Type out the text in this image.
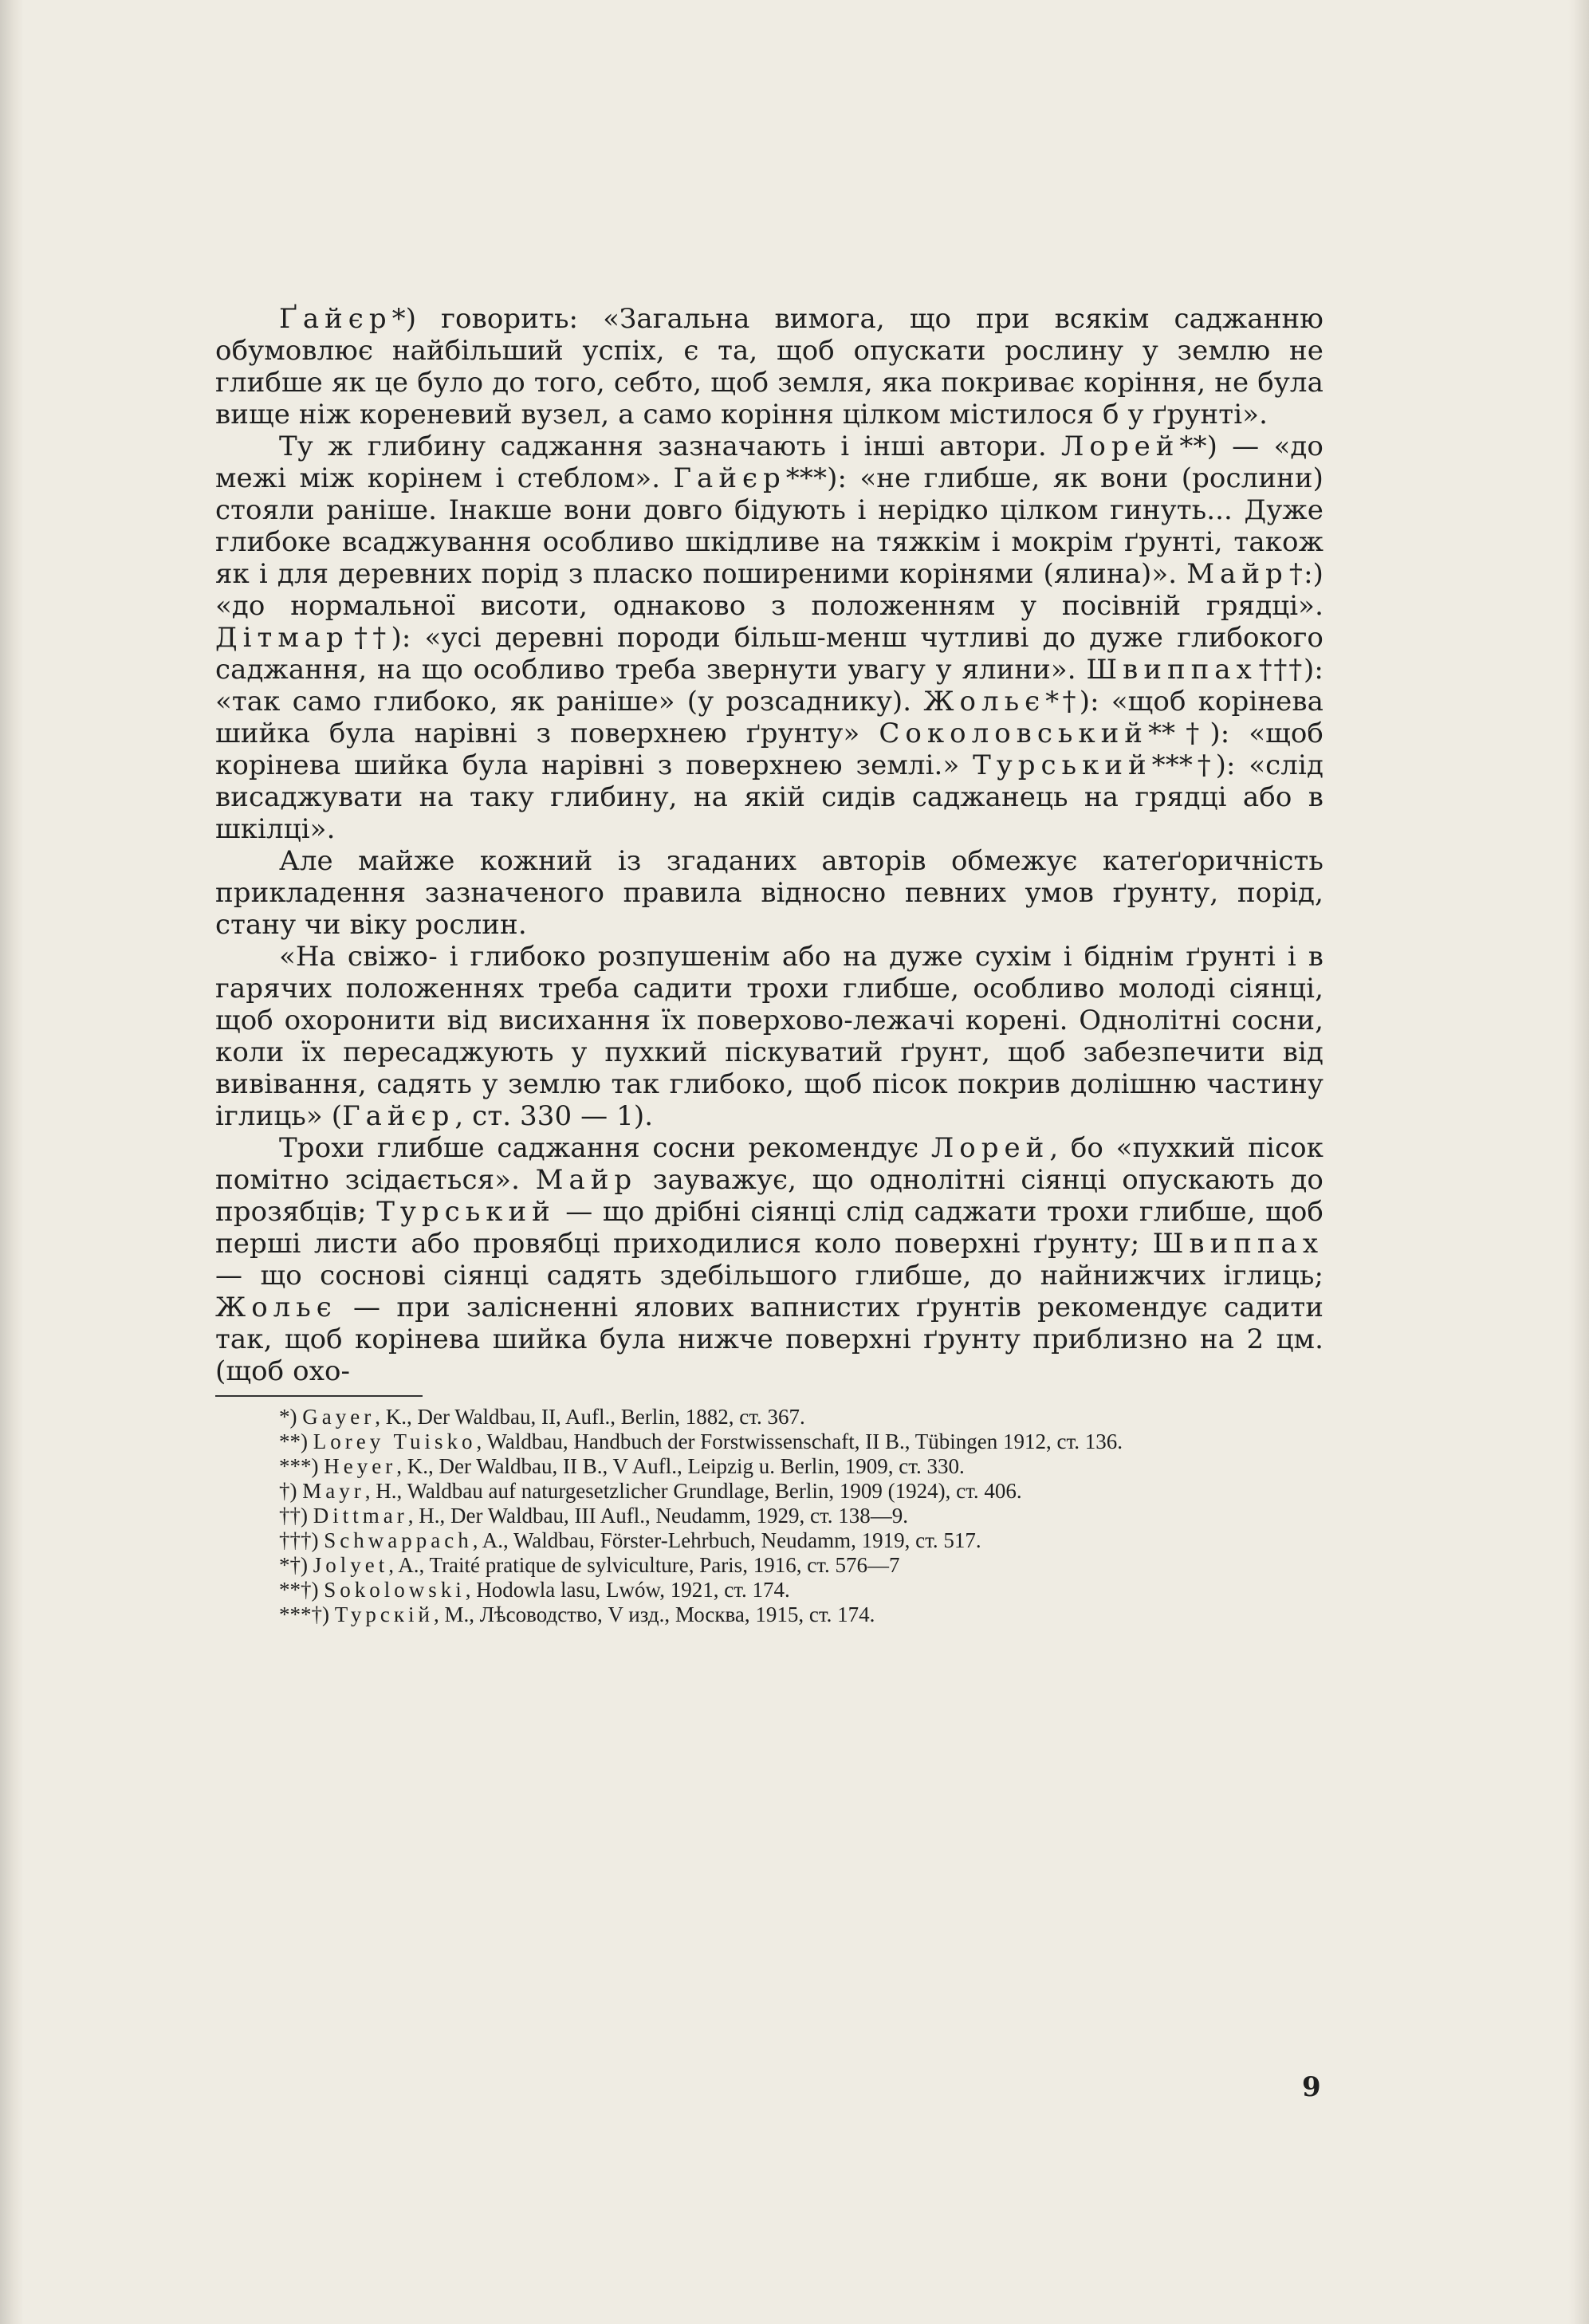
Ґайєр*) говорить: «Загальна вимога, що при всякім саджанню обумовлює найбільший успіх, є та, щоб опускати рослину у землю не глибше як це було до того, себто, щоб земля, яка покриває коріння, не була вище ніж кореневий вузел, а само коріння цілком містилося б у ґрунті».

Ту ж глибину саджання зазначають і інші автори. Лорей**) — «до межі між корінем і стеблом». Гайєр***): «не глибше, як вони (рослини) стояли раніше. Інакше вони довго бідують і нерідко цілком гинуть... Дуже глибоке всаджування особливо шкідливе на тяжкім і мокрім ґрунті, також як і для деревних порід з пласко поширеними корінями (ялина)». Майр†:) «до нормальної висоти, однаково з положенням у посівній грядці». Дітмар††): «усі деревні породи більш-менш чутливі до дуже глибокого саджання, на що особливо треба звернути увагу у ялини». Швиппах†††): «так само глибоко, як раніше» (у розсаднику). Жольє*†): «щоб корінева шийка була нарівні з поверхнею ґрунту» Соколовський**†): «щоб корінева шийка була нарівні з поверхнею землі.» Турський***†): «слід висаджувати на таку глибину, на якій сидів саджанець на грядці або в шкілці».

Але майже кожний із згаданих авторів обмежує катеґоричність прикладення зазначеного правила відносно певних умов ґрунту, порід, стану чи віку рослин.

«На свіжо- і глибоко розпушенім або на дуже сухім і біднім ґрунті і в гарячих положеннях треба садити трохи глибше, особливо молоді сіянці, щоб охоронити від висихання їх поверхово-лежачі корені. Однолітні сосни, коли їх пересаджують у пухкий піскуватий ґрунт, щоб забезпечити від вивівання, садять у землю так глибоко, щоб пісок покрив долішню частину іглиць» (Гайєр, ст. 330 — 1).

Трохи глибше саджання сосни рекомендує Лорей, бо «пухкий пісок помітно зсідається». Майр зауважує, що однолітні сіянці опускають до прозябців; Турський — що дрібні сіянці слід саджати трохи глибше, щоб перші листи або провябці приходилися коло поверхні ґрунту; Швиппах — що соснові сіянці садять здебільшого глибше, до найнижчих іглиць; Жольє — при залісненні ялових вапнистих ґрунтів рекомендує садити так, щоб корінева шийка була нижче поверхні ґрунту приблизно на 2 цм. (щоб охо-

*) Gayer, K., Der Waldbau, II, Aufl., Berlin, 1882, ст. 367.

**) Lorey Tuisko, Waldbau, Handbuch der Forstwissenschaft, II B., Tübingen 1912, ст. 136.

***) Heyer, K., Der Waldbau, II B., V Aufl., Leipzig u. Berlin, 1909, ст. 330.

†) Mayr, H., Waldbau auf naturgesetzlicher Grundlage, Berlin, 1909 (1924), ст. 406.

††) Dittmar, H., Der Waldbau, III Aufl., Neudamm, 1929, ст. 138—9.

†††) Schwappach, A., Waldbau, Förster-Lehrbuch, Neudamm, 1919, ст. 517.

*†) Jolyet, A., Traité pratique de sylviculture, Paris, 1916, ст. 576—7

**†) Sokolowski, Hodowla lasu, Lwów, 1921, ст. 174.

***†) Турскій, М., Лѣсоводство, V изд., Москва, 1915, ст. 174.

9
